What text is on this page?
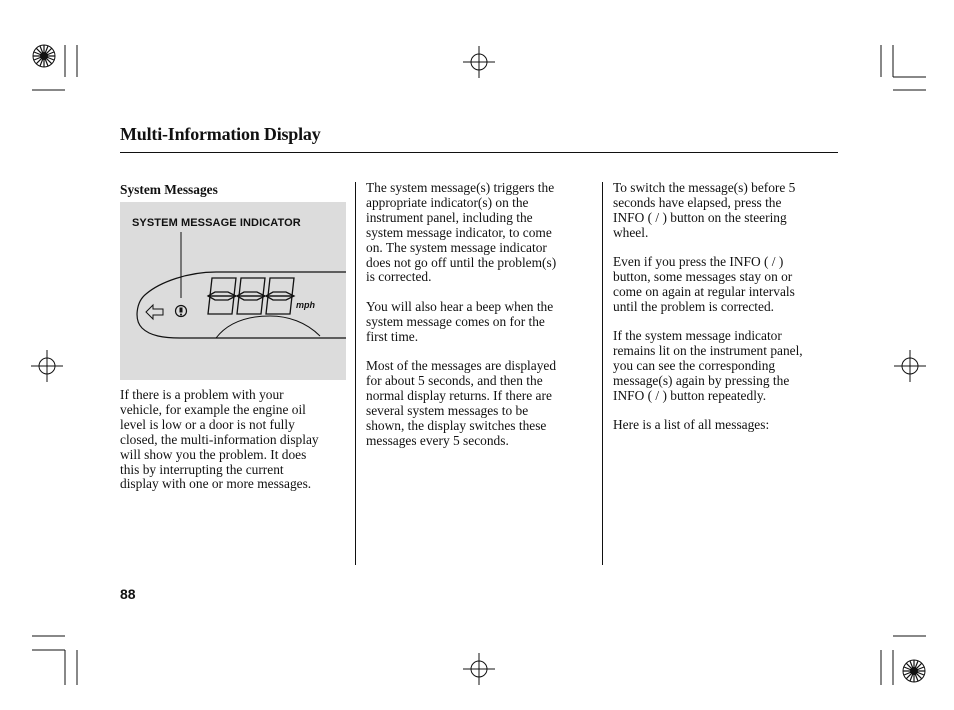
Multi-Information Display
System Messages
SYSTEM MESSAGE INDICATOR
mph
If there is a problem with your
vehicle, for example the engine oil
level is low or a door is not fully
closed, the multi-information display
will show you the problem. It does
this by interrupting the current
display with one or more messages.
The system message(s) triggers the
appropriate indicator(s) on the
instrument panel, including the
system message indicator, to come
on. The system message indicator
does not go off until the problem(s)
is corrected.
You will also hear a beep when the
system message comes on for the
first time.
Most of the messages are displayed
for about 5 seconds, and then the
normal display returns. If there are
several system messages to be
shown, the display switches these
messages every 5 seconds.
To switch the message(s) before 5
seconds have elapsed, press the
INFO ( / ) button on the steering
wheel.
Even if you press the INFO ( / )
button, some messages stay on or
come on again at regular intervals
until the problem is corrected.
If the system message indicator
remains lit on the instrument panel,
you can see the corresponding
message(s) again by pressing the
INFO ( / ) button repeatedly.
Here is a list of all messages:
88
